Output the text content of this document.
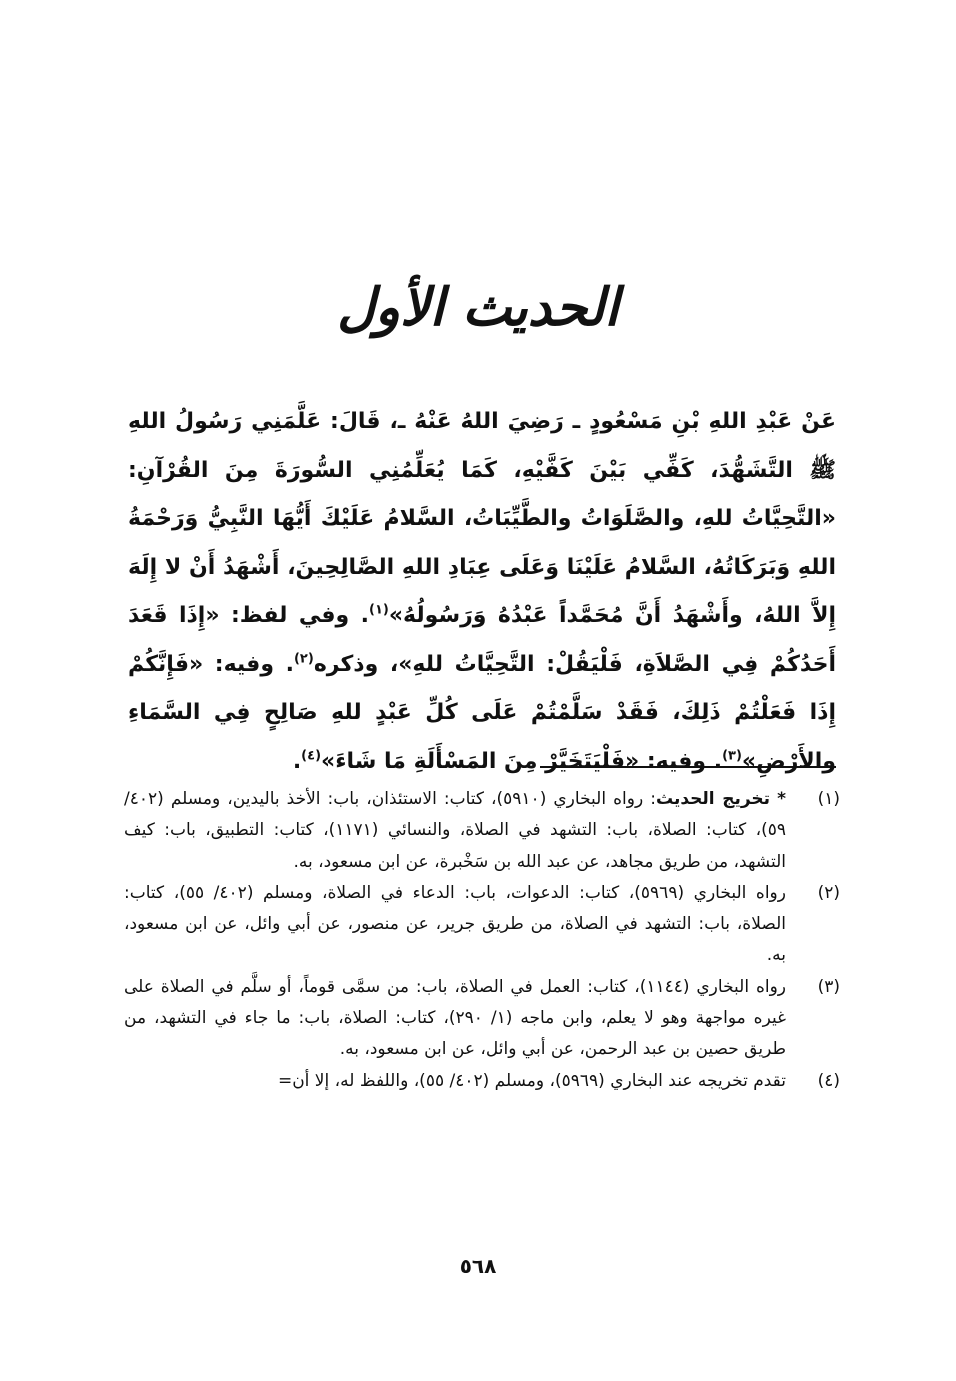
الحديث الأول

عَنْ عَبْدِ اللهِ بْنِ مَسْعُودٍ ـ رَضِيَ اللهُ عَنْهُ ـ، قَالَ: عَلَّمَنِي رَسُولُ اللهِ ﷺ التَّشَهُّدَ، كَفِّي بَيْنَ كَفَّيْهِ، كَمَا يُعَلِّمُنِي السُّورَةَ مِنَ القُرْآنِ: «التَّحِيَّاتُ للهِ، والصَّلَوَاتُ والطَّيِّبَاتُ، السَّلامُ عَلَيْكَ أَيُّهَا النَّبِيُّ وَرَحْمَةُ اللهِ وَبَرَكَاتُهُ، السَّلامُ عَلَيْنَا وَعَلَى عِبَادِ اللهِ الصَّالِحِينَ، أَشْهَدُ أَنْ لا إِلَهَ إِلاَّ اللهُ، وأَشْهَدُ أَنَّ مُحَمَّداً عَبْدُهُ وَرَسُولُهُ»$^{(١)}$. وفي لفظ: «إِذَا قَعَدَ أَحَدُكُمْ فِي الصَّلاَةِ، فَلْيَقُلْ: التَّحِيَّاتُ للهِ»، وذكره$^{(٢)}$. وفيه: «فَإِنَّكُمْ إِذَا فَعَلْتُمْ ذَلِكَ، فَقَدْ سَلَّمْتُمْ عَلَى كُلِّ عَبْدٍ للهِ صَالِحٍ فِي السَّمَاءِ والأَرْضِ»$^{(٣)}$. وفيه: «فَلْيَتَخَيَّرْ مِنَ المَسْأَلَةِ مَا شَاءَ»$^{(٤)}$.

(١)
* تخريج الحديث: رواه البخاري (٥٩١٠)، كتاب: الاستئذان، باب: الأخذ باليدين، ومسلم (٤٠٢/ ٥٩)، كتاب: الصلاة، باب: التشهد في الصلاة، والنسائي (١١٧١)، كتاب: التطبيق، باب: كيف التشهد، من طريق مجاهد، عن عبد الله بن سَخْبرة، عن ابن مسعود، به.
(٢)
رواه البخاري (٥٩٦٩)، كتاب: الدعوات، باب: الدعاء في الصلاة، ومسلم (٤٠٢/ ٥٥)، كتاب: الصلاة، باب: التشهد في الصلاة، من طريق جرير، عن منصور، عن أبي وائل، عن ابن مسعود، به.
(٣)
رواه البخاري (١١٤٤)، كتاب: العمل في الصلاة، باب: من سمَّى قوماً، أو سلَّم في الصلاة على غيره مواجهة وهو لا يعلم، وابن ماجه (١/ ٢٩٠)، كتاب: الصلاة، باب: ما جاء في التشهد، من طريق حصين بن عبد الرحمن، عن أبي وائل، عن ابن مسعود، به.
(٤)
تقدم تخريجه عند البخاري (٥٩٦٩)، ومسلم (٤٠٢/ ٥٥)، واللفظ له، إلا أن=
٥٦٨
